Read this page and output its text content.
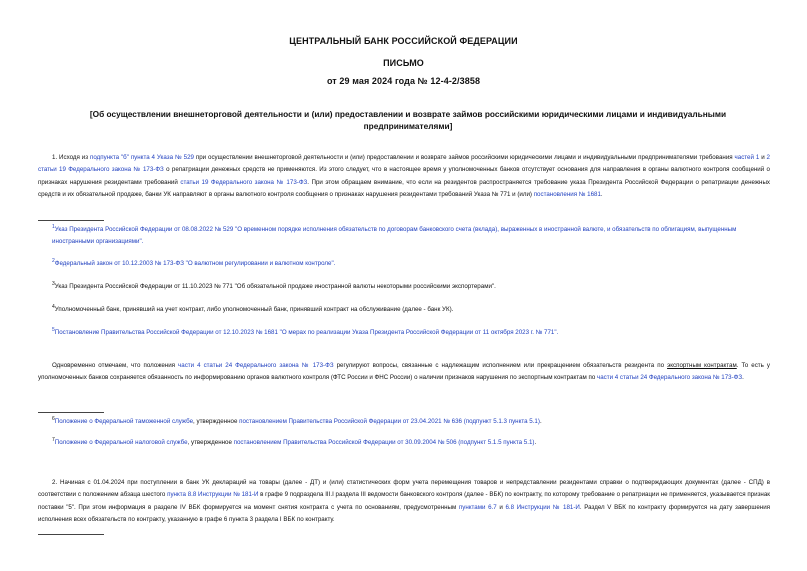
ЦЕНТРАЛЬНЫЙ БАНК РОССИЙСКОЙ ФЕДЕРАЦИИ
ПИСЬМО
от 29 мая 2024 года № 12-4-2/3858
[Об осуществлении внешнеторговой деятельности и (или) предоставлении и возврате займов российскими юридическими лицами и индивидуальными предпринимателями]
1. Исходя из подпункта "б" пункта 4 Указа № 529 при осуществлении внешнеторговой деятельности и (или) предоставлении и возврате займов российскими юридическими лицами и индивидуальными предпринимателями требования частей 1 и 2 статьи 19 Федерального закона № 173-ФЗ о репатриации денежных средств не применяются. Из этого следует, что в настоящее время у уполномоченных банков отсутствует основания для направления в органы валютного контроля сообщений о признаках нарушения резидентами требований статьи 19 Федерального закона № 173-ФЗ. При этом обращаем внимание, что если на резидентов распространяется требование указа Президента Российской Федерации о репатриации денежных средств и их обязательной продаже, банки УК направляют в органы валютного контроля сообщения о признаках нарушения резидентами требований Указа № 771 и (или) постановления № 1681.
$^1$Указ Президента Российской Федерации от 08.08.2022 № 529 "О временном порядке исполнения обязательств по договорам банковского счета (вклада), выраженных в иностранной валюте, и обязательств по облигациям, выпущенным иностранными организациями".
$^2$Федеральный закон от 10.12.2003 № 173-ФЗ "О валютном регулировании и валютном контроле".
$^3$Указ Президента Российской Федерации от 11.10.2023 № 771 "Об обязательной продаже иностранной валюты некоторыми российскими экспортерами".
$^4$Уполномоченный банк, принявший на учет контракт, либо уполномоченный банк, принявший контракт на обслуживание (далее - банк УК).
$^5$Постановление Правительства Российской Федерации от 12.10.2023 № 1681 "О мерах по реализации Указа Президента Российской Федерации от 11 октября 2023 г. № 771".
Одновременно отмечаем, что положения части 4 статьи 24 Федерального закона № 173-ФЗ регулируют вопросы, связанные с надлежащим исполнением или прекращением обязательств резидента по экспортным контрактам. То есть у уполномоченных банков сохраняется обязанность по информированию органов валютного контроля (ФТС России и ФНС России) о наличии признаков нарушения по экспортным контрактам по части 4 статьи 24 Федерального закона № 173-ФЗ.
$^6$Положение о Федеральной таможенной службе, утвержденное постановлением Правительства Российской Федерации от 23.04.2021 № 636 (подпункт 5.1.3 пункта 5.1).
$^7$Положение о Федеральной налоговой службе, утвержденное постановлением Правительства Российской Федерации от 30.09.2004 № 506 (подпункт 5.1.5 пункта 5.1).
2. Начиная с 01.04.2024 при поступлении в банк УК деклараций на товары (далее - ДТ) и (или) статистических форм учета перемещения товаров и непредставлении резидентами справки о подтверждающих документах (далее - СПД) в соответствии с положением абзаца шестого пункта 8.8 Инструкции № 181-И в графе 9 подраздела III.I раздела III ведомости банковского контроля (далее - ВБК) по контракту, по которому требование о репатриации не применяется, указывается признак поставки "5". При этом информация в разделе IV ВБК формируется на момент снятия контракта с учета по основаниям, предусмотренным пунктами 6.7 и 6.8 Инструкции № 181-И. Раздел V ВБК по контракту формируется на дату завершения исполнения всех обязательств по контракту, указанную в графе 6 пункта 3 раздела I ВБК по контракту.
